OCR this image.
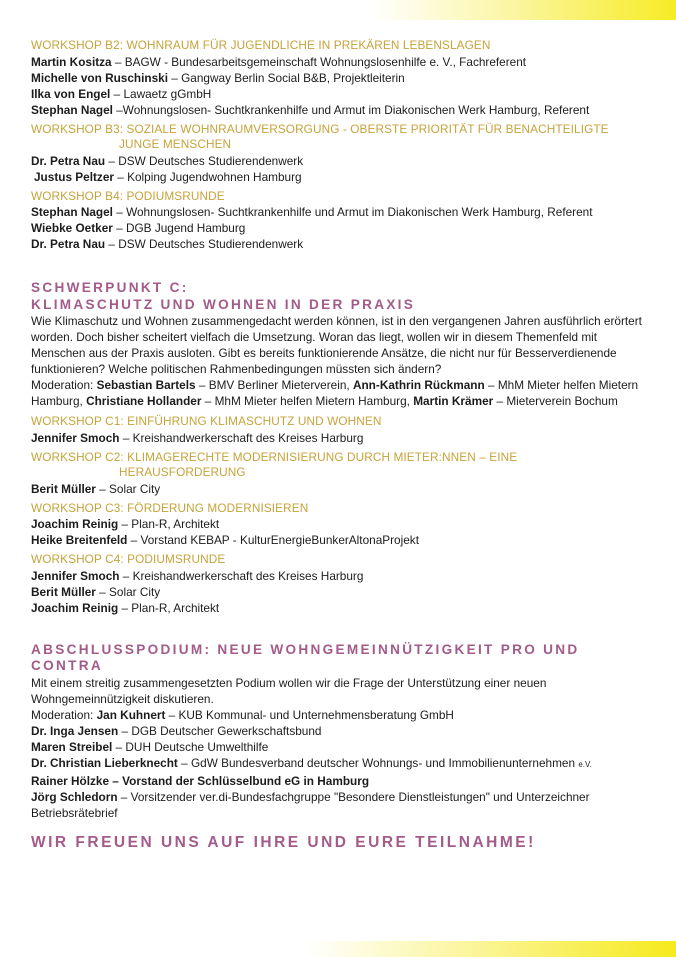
WORKSHOP B2: WOHNRAUM FÜR JUGENDLICHE IN PREKÄREN LEBENSLAGEN
Martin Kositza – BAGW - Bundesarbeitsgemeinschaft Wohnungslosenhilfe e. V., Fachreferent
Michelle von Ruschinski – Gangway Berlin Social B&B, Projektleiterin
Ilka von Engel – Lawaetz gGmbH
Stephan Nagel –Wohnungslosen- Suchtkrankenhilfe und Armut im Diakonischen Werk Hamburg, Referent
WORKSHOP B3: SOZIALE WOHNRAUMVERSORGUNG - OBERSTE PRIORITÄT FÜR BENACHTEILIGTE
JUNGE MENSCHEN
Dr. Petra Nau – DSW Deutsches Studierendenwerk
Justus Peltzer – Kolping Jugendwohnen Hamburg
WORKSHOP B4: PODIUMSRUNDE
Stephan Nagel – Wohnungslosen- Suchtkrankenhilfe und Armut im Diakonischen Werk Hamburg, Referent
Wiebke Oetker – DGB Jugend Hamburg
Dr. Petra Nau – DSW Deutsches Studierendenwerk
SCHWERPUNKT C:
KLIMASCHUTZ UND WOHNEN IN DER PRAXIS
Wie Klimaschutz und Wohnen zusammengedacht werden können, ist in den vergangenen Jahren ausführlich erörtert worden. Doch bisher scheitert vielfach die Umsetzung. Woran das liegt, wollen wir in diesem Themenfeld mit Menschen aus der Praxis ausloten. Gibt es bereits funktionierende Ansätze, die nicht nur für Besserverdienende funktionieren? Welche politischen Rahmenbedingungen müssten sich ändern?
Moderation: Sebastian Bartels – BMV Berliner Mieterverein, Ann-Kathrin Rückmann – MhM Mieter helfen Mietern Hamburg, Christiane Hollander – MhM Mieter helfen Mietern Hamburg, Martin Krämer – Mieterverein Bochum
WORKSHOP C1: EINFÜHRUNG KLIMASCHUTZ UND WOHNEN
Jennifer Smoch – Kreishandwerkerschaft des Kreises Harburg
WORKSHOP C2: KLIMAGERECHTE MODERNISIERUNG DURCH MIETER:NNEN – EINE
HERAUSFORDERUNG
Berit Müller – Solar City
WORKSHOP C3: FÖRDERUNG MODERNISIEREN
Joachim Reinig – Plan-R, Architekt
Heike Breitenfeld – Vorstand KEBAP - KulturEnergieBunkerAltonaProjekt
WORKSHOP C4: PODIUMSRUNDE
Jennifer Smoch – Kreishandwerkerschaft des Kreises Harburg
Berit Müller – Solar City
Joachim Reinig – Plan-R, Architekt
ABSCHLUSSPODIUM: NEUE WOHNGEMEINNÜTZIGKEIT PRO UND CONTRA
Mit einem streitig zusammengesetzten Podium wollen wir die Frage der Unterstützung einer neuen Wohngemeinnützigkeit diskutieren.
Moderation: Jan Kuhnert – KUB Kommunal- und Unternehmensberatung GmbH
Dr. Inga Jensen – DGB Deutscher Gewerkschaftsbund
Maren Streibel – DUH Deutsche Umwelthilfe
Dr. Christian Lieberknecht – GdW Bundesverband deutscher Wohnungs- und Immobilienunternehmen e.V.
Rainer Hölzke – Vorstand der Schlüsselbund eG in Hamburg
Jörg Schledorn – Vorsitzender ver.di-Bundesfachgruppe "Besondere Dienstleistungen" und Unterzeichner Betriebsrätebrief
WIR FREUEN UNS AUF IHRE UND EURE TEILNAHME!
